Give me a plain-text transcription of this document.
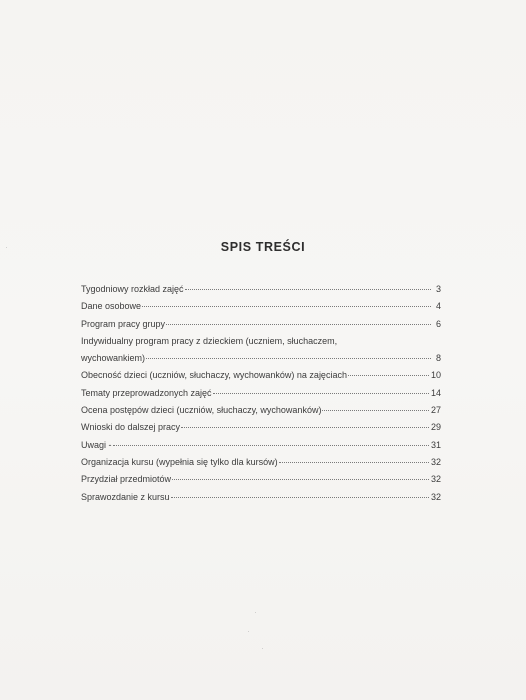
SPIS TREŚCI
Tygodniowy rozkład zajęć	3
Dane osobowe	4
Program pracy grupy	6
Indywidualny program pracy z dzieckiem (uczniem, słuchaczem,
wychowankiem)	8
Obecność dzieci (uczniów, słuchaczy, wychowanków) na zajęciach	10
Tematy przeprowadzonych zajęć	14
Ocena postępów dzieci (uczniów, słuchaczy, wychowanków)	27
Wnioski do dalszej pracy	29
Uwagi -	31
Organizacja kursu (wypełnia się tylko dla kursów)	32
Przydział przedmiotów	32
Sprawozdanie z kursu	32
